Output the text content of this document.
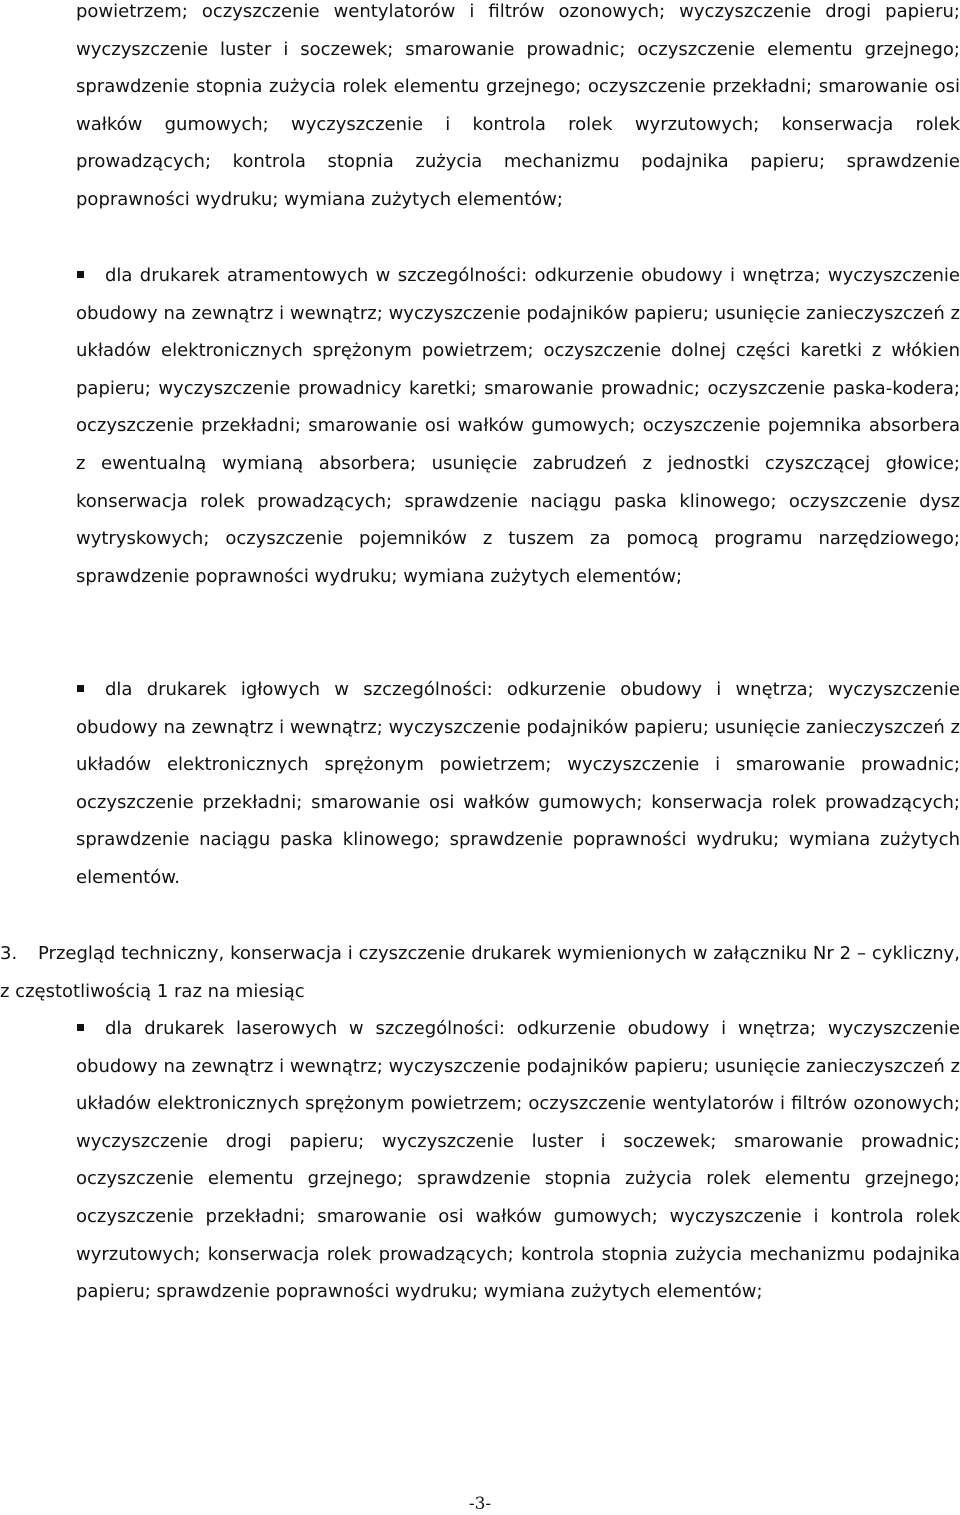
powietrzem; oczyszczenie wentylatorów i filtrów ozonowych; wyczyszczenie drogi papieru; wyczyszczenie luster i soczewek; smarowanie prowadnic; oczyszczenie elementu grzejnego; sprawdzenie stopnia zużycia rolek elementu grzejnego; oczyszczenie przekładni; smarowanie osi wałków gumowych; wyczyszczenie i kontrola rolek wyrzutowych; konserwacja rolek prowadzących; kontrola stopnia zużycia mechanizmu podajnika papieru; sprawdzenie poprawności wydruku; wymiana zużytych elementów;

dla drukarek atramentowych w szczególności: odkurzenie obudowy i wnętrza; wyczyszczenie obudowy na zewnątrz i wewnątrz; wyczyszczenie podajników papieru; usunięcie zanieczyszczeń z układów elektronicznych sprężonym powietrzem; oczyszczenie dolnej części karetki z włókien papieru; wyczyszczenie prowadnicy karetki; smarowanie prowadnic; oczyszczenie paska-kodera; oczyszczenie przekładni; smarowanie osi wałków gumowych; oczyszczenie pojemnika absorbera z ewentualną wymianą absorbera; usunięcie zabrudzeń z jednostki czyszczącej głowice; konserwacja rolek prowadzących; sprawdzenie naciągu paska klinowego; oczyszczenie dysz wytryskowych; oczyszczenie pojemników z tuszem za pomocą programu narzędziowego; sprawdzenie poprawności wydruku; wymiana zużytych elementów;

dla drukarek igłowych w szczególności: odkurzenie obudowy i wnętrza; wyczyszczenie obudowy na zewnątrz i wewnątrz; wyczyszczenie podajników papieru; usunięcie zanieczyszczeń z układów elektronicznych sprężonym powietrzem; wyczyszczenie i smarowanie prowadnic; oczyszczenie przekładni; smarowanie osi wałków gumowych; konserwacja rolek prowadzących; sprawdzenie naciągu paska klinowego; sprawdzenie poprawności wydruku; wymiana zużytych elementów.

3. Przegląd techniczny, konserwacja i czyszczenie drukarek wymienionych w załączniku Nr 2 – cykliczny, z częstotliwością 1 raz na miesiąc

dla drukarek laserowych w szczególności: odkurzenie obudowy i wnętrza; wyczyszczenie obudowy na zewnątrz i wewnątrz; wyczyszczenie podajników papieru; usunięcie zanieczyszczeń z układów elektronicznych sprężonym powietrzem; oczyszczenie wentylatorów i filtrów ozonowych; wyczyszczenie drogi papieru; wyczyszczenie luster i soczewek; smarowanie prowadnic; oczyszczenie elementu grzejnego; sprawdzenie stopnia zużycia rolek elementu grzejnego; oczyszczenie przekładni; smarowanie osi wałków gumowych; wyczyszczenie i kontrola rolek wyrzutowych; konserwacja rolek prowadzących; kontrola stopnia zużycia mechanizmu podajnika papieru; sprawdzenie poprawności wydruku; wymiana zużytych elementów;

-3-
